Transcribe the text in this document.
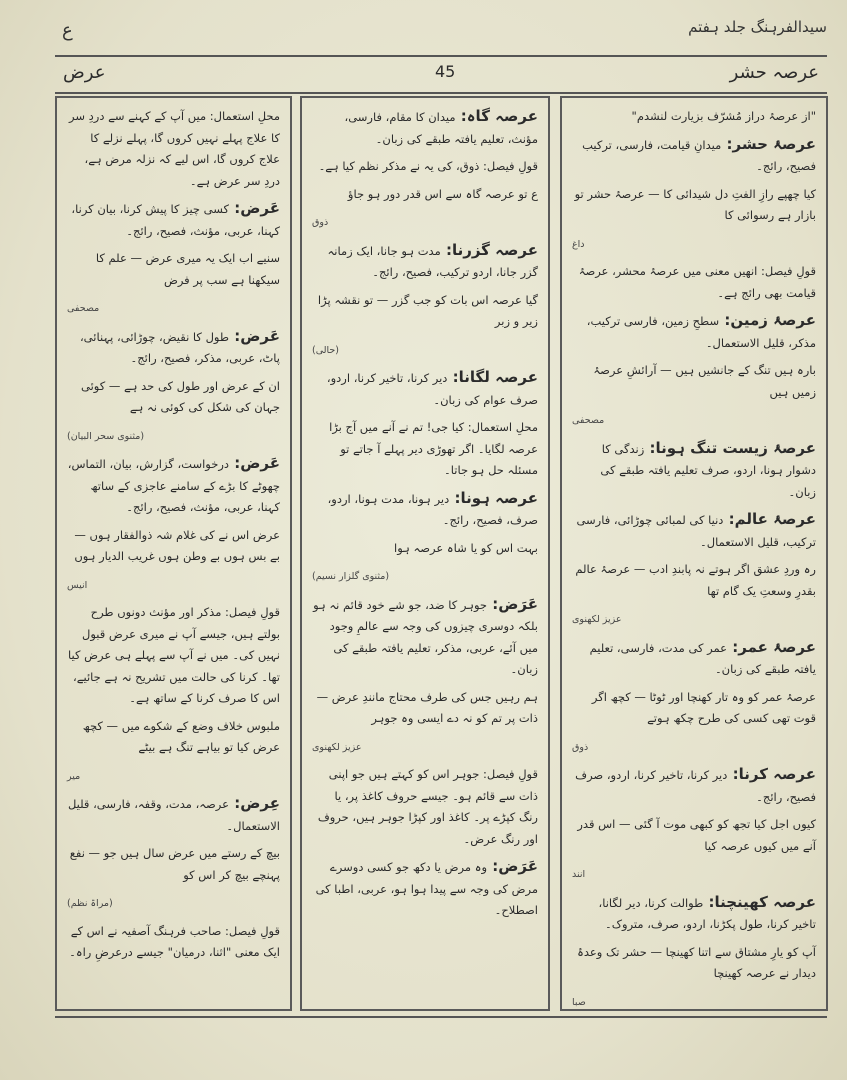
سیدالفرہنگ جلد ہفتم
ع
عرصہ حشر
45
عرض

"از عرصۂ دراز مُشرّف بزیارت لنشدم"

عرصۂ حشر: میدانِ قیامت، فارسی، ترکیب فصیح، رائج۔

کیا چھپے رازِ الفتِ دل شیدائی کا — عرصۂ حشر تو بازار ہے رسوائی کا

داغ

قولِ فیصل: انھیں معنی میں عرصۂ محشر، عرصۂ قیامت بھی رائج ہے۔

عرصۂ زمین: سطحِ زمین، فارسی ترکیب، مذکر، قلیل الاستعمال۔

بارہ ہیں تنگ کے جانشیں ہیں — آرائشِ عرصۂ زمیں ہیں

مصحفی

عرصۂ زیست تنگ ہونا: زندگی کا دشوار ہونا، اردو، صرف تعلیم یافتہ طبقے کی زبان۔

عرصۂ عالم: دنیا کی لمبائی چوڑائی، فارسی ترکیب، قلیل الاستعمال۔

رہ وردِ عشق اگر ہوتے نہ پابندِ ادب — عرصۂ عالم بقدرِ وسعتِ یک گام تھا

عزیز لکھنوی

عرصۂ عمر: عمر کی مدت، فارسی، تعلیم یافتہ طبقے کی زبان۔

عرصۂ عمر کو وہ تار کھنچا اور ٹوٹا — کچھ اگر قوت تھی کسی کی طرح چکھ ہوتے

ذوق

عرصہ کرنا: دیر کرنا، تاخیر کرنا، اردو، صرف فصیح، رائج۔

کیوں اجل کیا تجھ کو کبھی موت آ گئی — اس قدر آنے میں کیوں عرصہ کیا

انند

عرصہ کھینچنا: طوالت کرنا، دیر لگانا، تاخیر کرنا، طول پکڑنا، اردو، صرف، متروک۔

آپ کو یارِ مشتاق سے اتنا کھینچا — حشر تک وعدۂ دیدار نے عرصہ کھینچا

صبا

عرصہ گاہ: میدان کا مقام، فارسی، مؤنث، تعلیم یافتہ طبقے کی زبان۔

قولِ فیصل: ذوق، کی یہ نے مذکر نظم کیا ہے۔

ع تو عرصہ گاہ سے اس قدر دور ہو جاؤ

ذوق

عرصہ گزرنا: مدت ہو جانا، ایک زمانہ گزر جانا، اردو ترکیب، فصیح، رائج۔

گیا عرصہ اس بات کو جب گزر — تو نقشہ پڑا زیر و زبر

(حالی)

عرصہ لگانا: دیر کرنا، تاخیر کرنا، اردو، صرف عوام کی زبان۔

محلِ استعمال: کیا جی! تم نے آنے میں آج بڑا عرصہ لگایا۔ اگر تھوڑی دیر پہلے آ جاتے تو مسئلہ حل ہو جاتا۔

عرصہ ہونا: دیر ہونا، مدت ہونا، اردو، صرف، فصیح، رائج۔

بہت اس کو یا شاہ عرصہ ہوا

(مثنوی گلزار نسیم)

عَرَض: جوہر کا ضد، جو شے خود قائم نہ ہو بلکہ دوسری چیزوں کی وجہ سے عالمِ وجود میں آئے، عربی، مذکر، تعلیم یافتہ طبقے کی زبان۔

ہم رہیں جس کی طرف محتاج مانندِ عرض — ذات پر تم کو نہ دے ایسی وہ جوہر

عزیز لکھنوی

قولِ فیصل: جوہر اس کو کہتے ہیں جو اپنی ذات سے قائم ہو۔ جیسے حروف کاغذ پر، یا رنگ کپڑے پر۔ کاغذ اور کپڑا جوہر ہیں، حروف اور رنگ عرض۔

عَرَض: وہ مرض یا دکھ جو کسی دوسرے مرض کی وجہ سے پیدا ہوا ہو، عربی، اطبا کی اصطلاح۔

محلِ استعمال: میں آپ کے کہنے سے دردِ سر کا علاج پہلے نہیں کروں گا، پہلے نزلے کا علاج کروں گا، اس لیے کہ نزلہ مرض ہے، دردِ سر عرض ہے۔

عَرض: کسی چیز کا پیش کرنا، بیان کرنا، کہنا، عربی، مؤنث، فصیح، رائج۔

سنیے اب ایک یہ میری عرض — علم کا سیکھنا ہے سب پر فرض

مصحفی

عَرض: طول کا نقیض، چوڑائی، پہنائی، پاٹ، عربی، مذکر، فصیح، رائج۔

ان کے عرض اور طول کی حد ہے — کوئی جہان کی شکل کی کوئی نہ ہے

(مثنوی سحر البیان)

عَرض: درخواست، گزارش، بیان، التماس، چھوٹے کا بڑے کے سامنے عاجزی کے ساتھ کہنا، عربی، مؤنث، فصیح، رائج۔

عرض اس نے کی غلام شہ ذوالفقار ہوں — بے بس ہوں بے وطن ہوں غریب الدیار ہوں

انیس

قولِ فیصل: مذکر اور مؤنث دونوں طرح بولتے ہیں، جیسے آپ نے میری عرض قبول نہیں کی۔ میں نے آپ سے پہلے ہی عرض کیا تھا۔ کرنا کی حالت میں تشریح نہ ہے جائیے، اس کا صرف کرنا کے ساتھ ہے۔

ملبوس خلاف وضع کے شکوے میں — کچھ عرض کیا تو بیاہے تنگ ہے بیٹے

میر

عِرض: عرصہ، مدت، وقفہ، فارسی، قلیل الاستعمال۔

بیچ کے رستے میں عرض سال ہیں جو — نفع پہنچے بیچ کر اس کو

(مراۃ نظم)

قولِ فیصل: صاحب فرہنگ آصفیہ نے اس کے ایک معنی "اثنا، درمیان" جیسے درعرضِ راہ۔
